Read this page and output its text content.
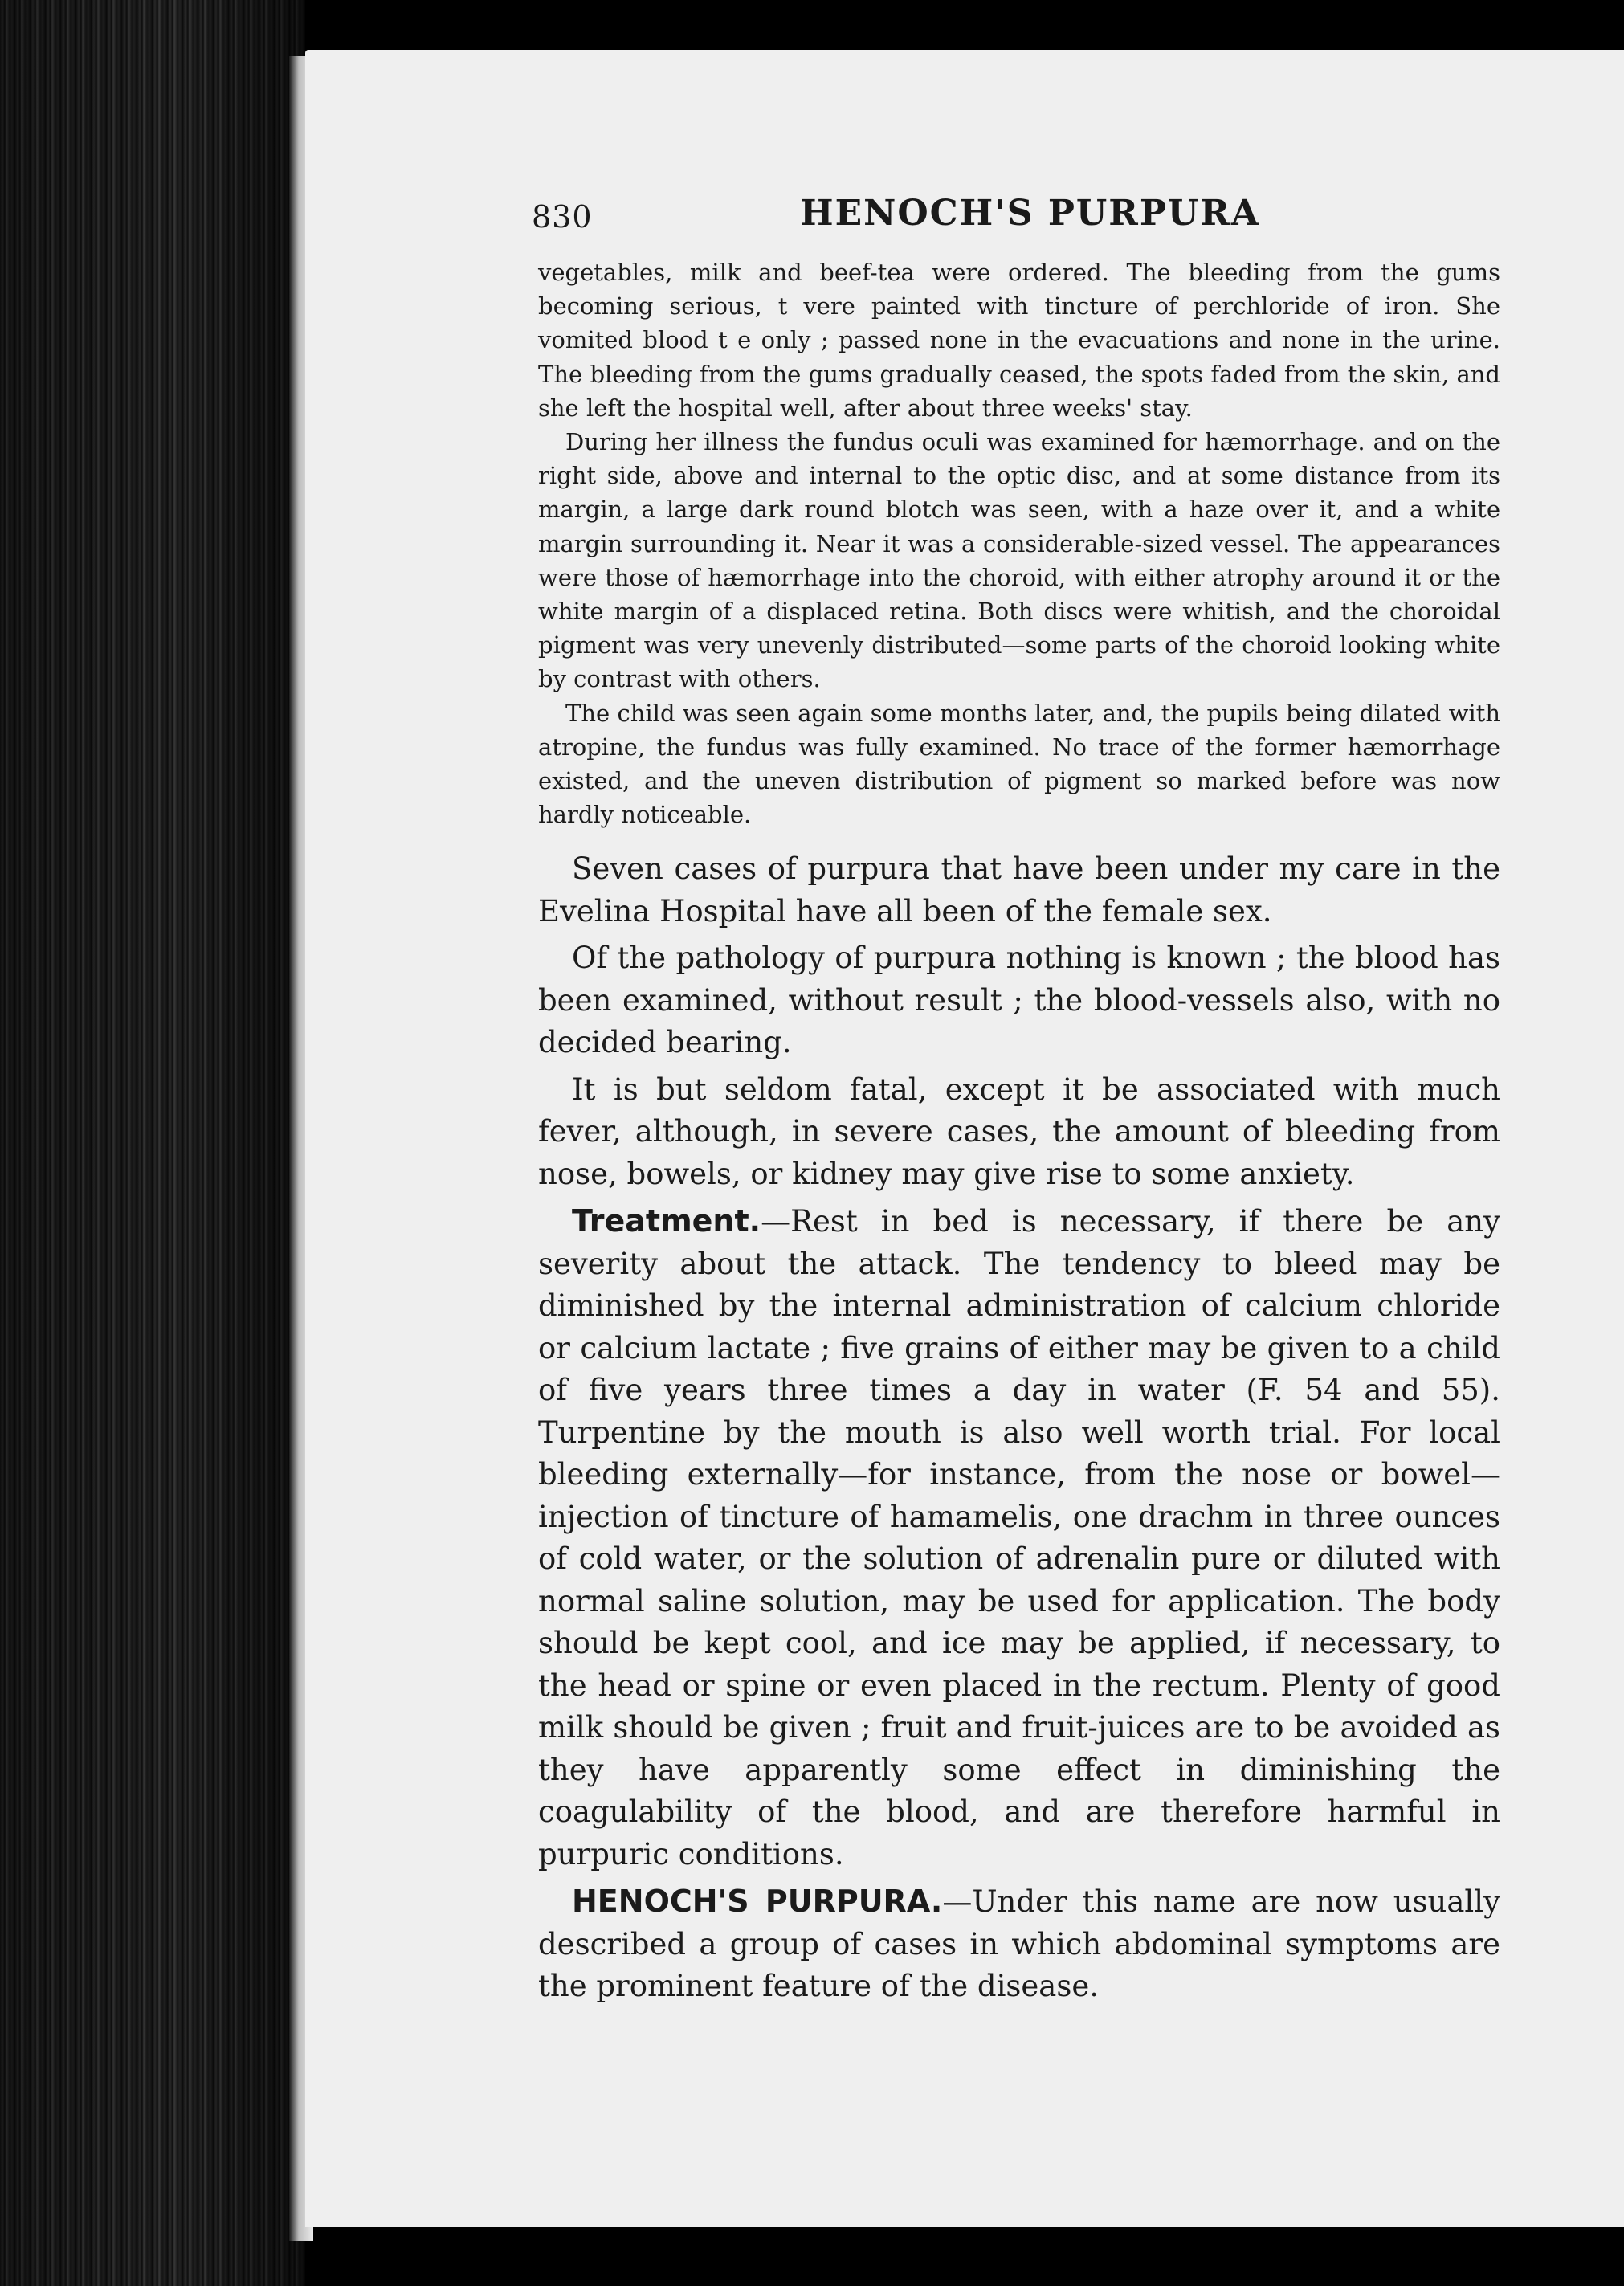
830	HENOCH'S PURPURA

vegetables, milk and beef-tea were ordered. The bleeding from the gums becoming serious, t vere painted with tincture of perchloride of iron. She vomited blood t e only ; passed none in the evacuations and none in the urine. The bleeding from the gums gradually ceased, the spots faded from the skin, and she left the hospital well, after about three weeks' stay.

During her illness the fundus oculi was examined for hæmorrhage. and on the right side, above and internal to the optic disc, and at some distance from its margin, a large dark round blotch was seen, with a haze over it, and a white margin surrounding it. Near it was a considerable-sized vessel. The appearances were those of hæmorrhage into the choroid, with either atrophy around it or the white margin of a displaced retina. Both discs were whitish, and the choroidal pigment was very unevenly distributed—some parts of the choroid looking white by contrast with others.

The child was seen again some months later, and, the pupils being dilated with atropine, the fundus was fully examined. No trace of the former hæmorrhage existed, and the uneven distribution of pigment so marked before was now hardly noticeable.

Seven cases of purpura that have been under my care in the Evelina Hospital have all been of the female sex.

Of the pathology of purpura nothing is known ; the blood has been examined, without result ; the blood-vessels also, with no decided bearing.

It is but seldom fatal, except it be associated with much fever, although, in severe cases, the amount of bleeding from nose, bowels, or kidney may give rise to some anxiety.

Treatment.—Rest in bed is necessary, if there be any severity about the attack. The tendency to bleed may be diminished by the internal administration of calcium chloride or calcium lactate ; five grains of either may be given to a child of five years three times a day in water (F. 54 and 55). Turpentine by the mouth is also well worth trial. For local bleeding externally—for instance, from the nose or bowel—injection of tincture of hamamelis, one drachm in three ounces of cold water, or the solution of adrenalin pure or diluted with normal saline solution, may be used for application. The body should be kept cool, and ice may be applied, if necessary, to the head or spine or even placed in the rectum. Plenty of good milk should be given ; fruit and fruit-juices are to be avoided as they have apparently some effect in diminishing the coagulability of the blood, and are therefore harmful in purpuric conditions.

HENOCH'S PURPURA.—Under this name are now usually described a group of cases in which abdominal symptoms are the prominent feature of the disease.
